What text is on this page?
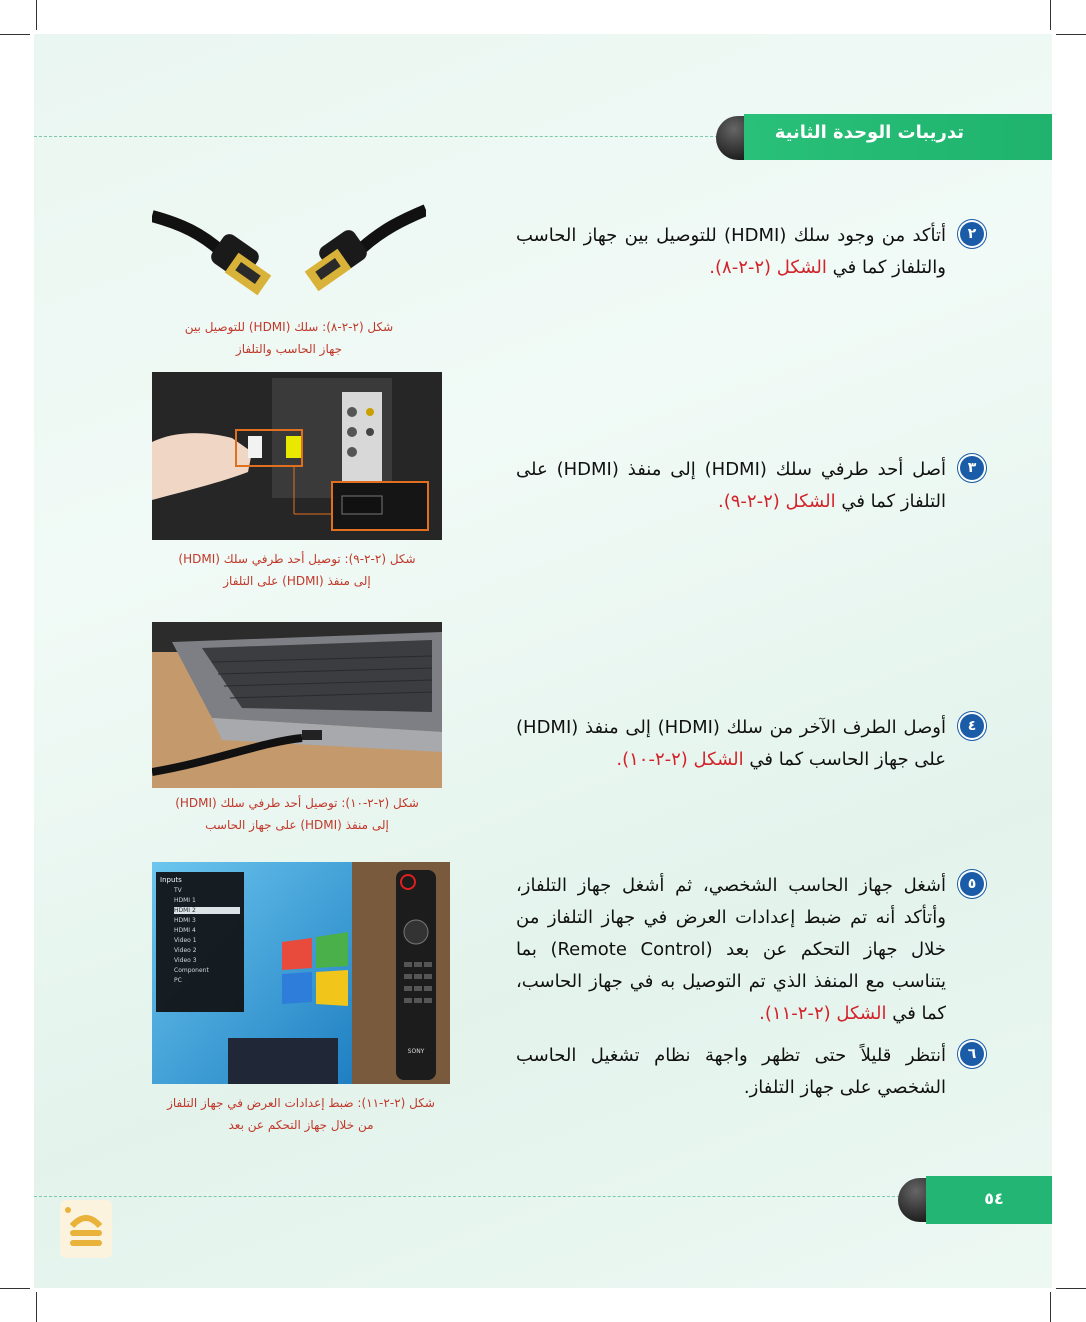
تدريبات الوحدة الثانية
٢
أتأكد من وجود سلك (HDMI) للتوصيل بين جهاز الحاسب والتلفاز كما في الشكل (٢-٢-٨).
٣
أصل أحد طرفي سلك (HDMI) إلى منفذ (HDMI) على التلفاز كما في الشكل (٢-٢-٩).
٤
أوصل الطرف الآخر من سلك (HDMI) إلى منفذ (HDMI) على جهاز الحاسب كما في الشكل (٢-٢-١٠).
٥
أشغل جهاز الحاسب الشخصي، ثم أشغل جهاز التلفاز، وأتأكد أنه تم ضبط إعدادات العرض في جهاز التلفاز من خلال جهاز التحكم عن بعد (Remote Control) بما يتناسب مع المنفذ الذي تم التوصيل به في جهاز الحاسب، كما في الشكل (٢-٢-١١).
٦
أنتظر قليلاً حتى تظهر واجهة نظام تشغيل الحاسب الشخصي على جهاز التلفاز.
شكل (٢-٢-٨): سلك (HDMI) للتوصيل بين
جهاز الحاسب والتلفاز
شكل (٢-٢-٩): توصيل أحد طرفي سلك (HDMI)
إلى منفذ (HDMI) على التلفاز
شكل (٢-٢-١٠): توصيل أحد طرفي سلك (HDMI)
إلى منفذ (HDMI) على جهاز الحاسب
Inputs
TV
HDMI 1
HDMI 2
HDMI 3
HDMI 4
Video 1
Video 2
Video 3
Component
PC
SONY
شكل (٢-٢-١١): ضبط إعدادات العرض في جهاز التلفاز
من خلال جهاز التحكم عن بعد
٥٤
